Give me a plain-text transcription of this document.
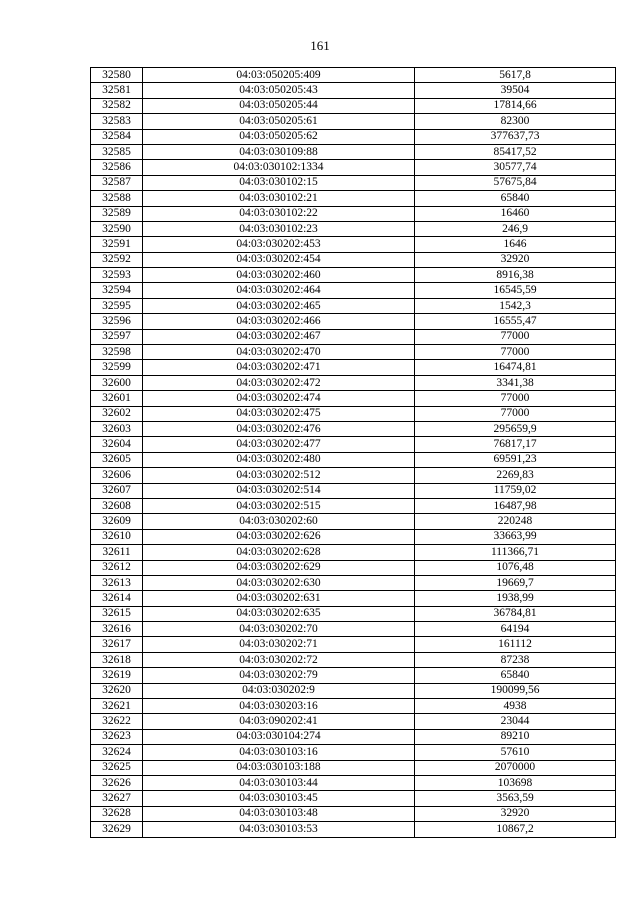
161
32580	04:03:050205:409	5617,8
32581	04:03:050205:43	39504
32582	04:03:050205:44	17814,66
32583	04:03:050205:61	82300
32584	04:03:050205:62	377637,73
32585	04:03:030109:88	85417,52
32586	04:03:030102:1334	30577,74
32587	04:03:030102:15	57675,84
32588	04:03:030102:21	65840
32589	04:03:030102:22	16460
32590	04:03:030102:23	246,9
32591	04:03:030202:453	1646
32592	04:03:030202:454	32920
32593	04:03:030202:460	8916,38
32594	04:03:030202:464	16545,59
32595	04:03:030202:465	1542,3
32596	04:03:030202:466	16555,47
32597	04:03:030202:467	77000
32598	04:03:030202:470	77000
32599	04:03:030202:471	16474,81
32600	04:03:030202:472	3341,38
32601	04:03:030202:474	77000
32602	04:03:030202:475	77000
32603	04:03:030202:476	295659,9
32604	04:03:030202:477	76817,17
32605	04:03:030202:480	69591,23
32606	04:03:030202:512	2269,83
32607	04:03:030202:514	11759,02
32608	04:03:030202:515	16487,98
32609	04:03:030202:60	220248
32610	04:03:030202:626	33663,99
32611	04:03:030202:628	111366,71
32612	04:03:030202:629	1076,48
32613	04:03:030202:630	19669,7
32614	04:03:030202:631	1938,99
32615	04:03:030202:635	36784,81
32616	04:03:030202:70	64194
32617	04:03:030202:71	161112
32618	04:03:030202:72	87238
32619	04:03:030202:79	65840
32620	04:03:030202:9	190099,56
32621	04:03:030203:16	4938
32622	04:03:090202:41	23044
32623	04:03:030104:274	89210
32624	04:03:030103:16	57610
32625	04:03:030103:188	2070000
32626	04:03:030103:44	103698
32627	04:03:030103:45	3563,59
32628	04:03:030103:48	32920
32629	04:03:030103:53	10867,2
